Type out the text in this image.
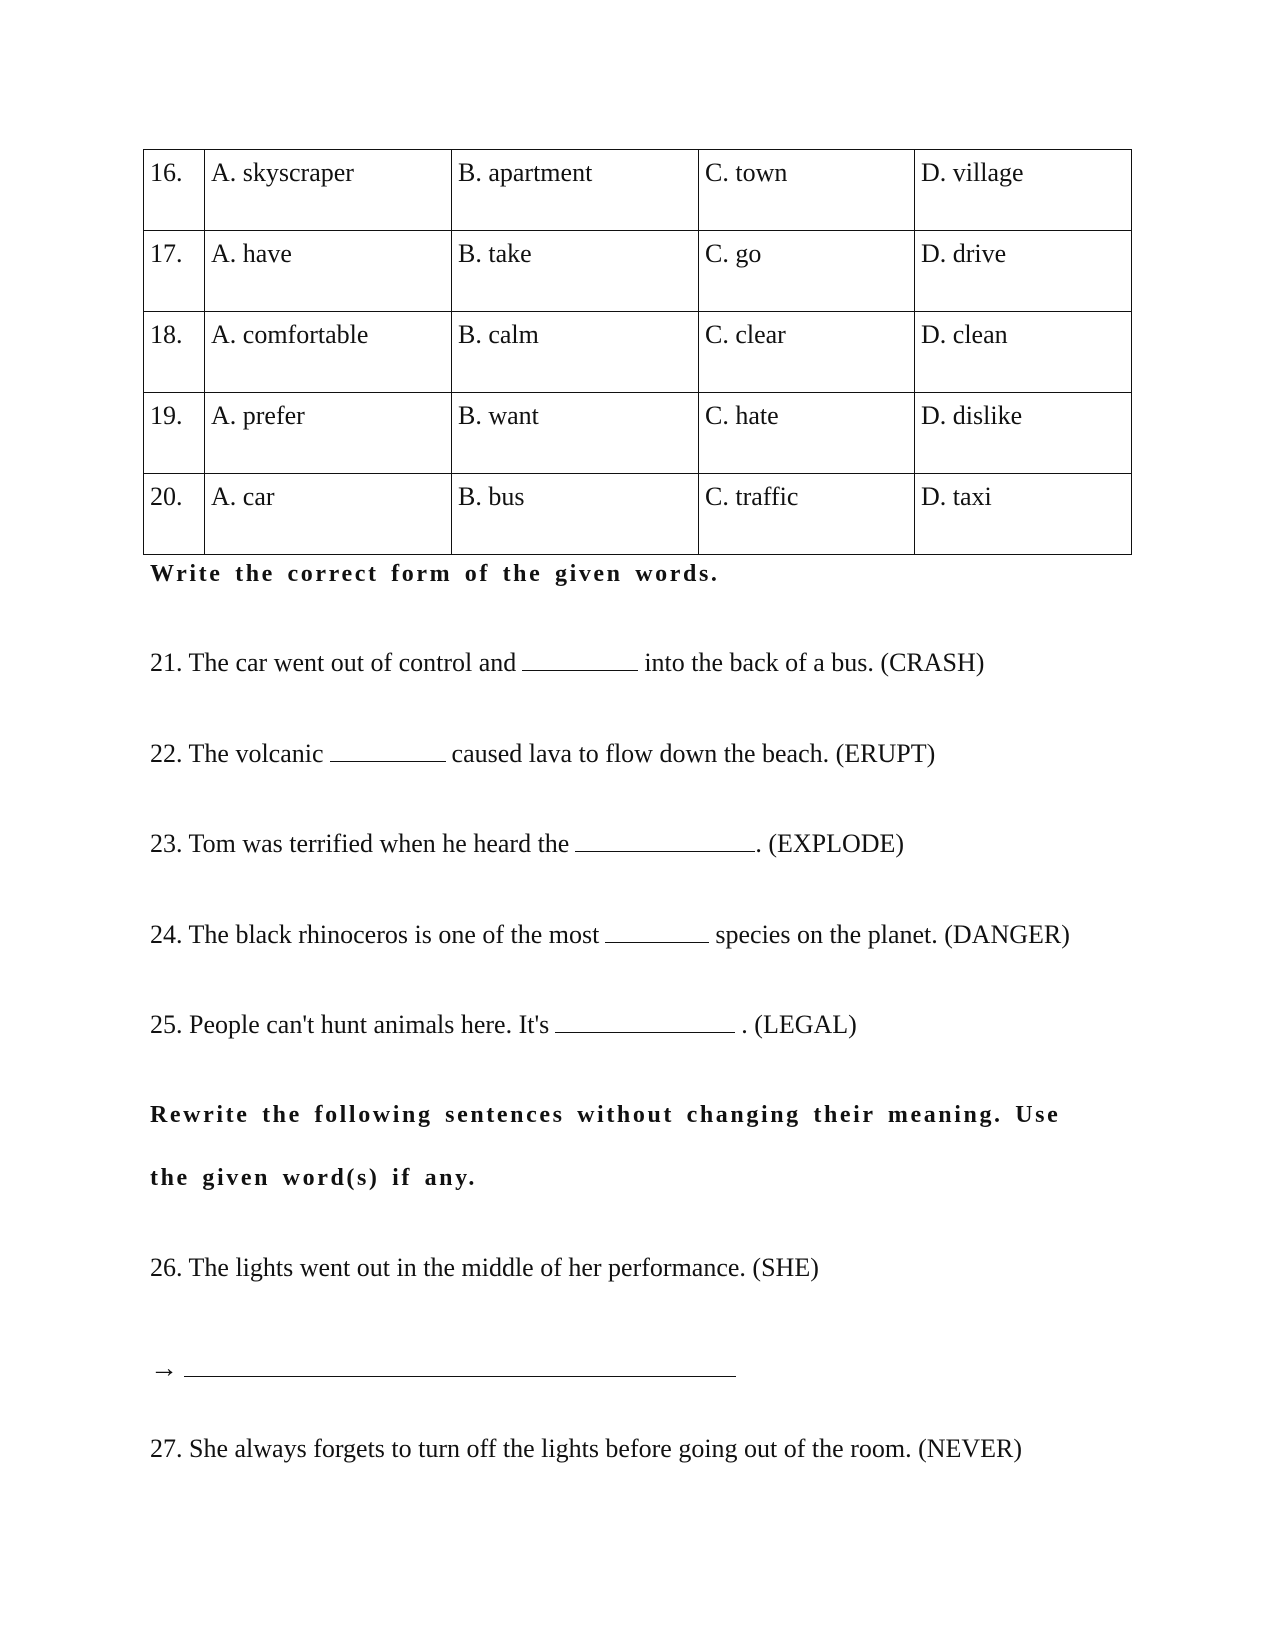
16.	A. skyscraper	B. apartment	C. town	D. village
17.	A. have	B. take	C. go	D. drive
18.	A. comfortable	B. calm	C. clear	D. clean
19.	A. prefer	B. want	C. hate	D. dislike
20.	A. car	B. bus	C. traffic	D. taxi

Write the correct form of the given words.

21. The car went out of control and	into the back of a bus. (CRASH)

22. The volcanic	caused lava to flow down the beach. (ERUPT)

23. Tom was terrified when he heard the	. (EXPLODE)

24. The black rhinoceros is one of the most	species on the planet. (DANGER)

25. People can't hunt animals here. It's	. (LEGAL)

Rewrite the following sentences without changing their meaning. Use

the given word(s) if any.

26. The lights went out in the middle of her performance. (SHE)

→

27. She always forgets to turn off the lights before going out of the room. (NEVER)
